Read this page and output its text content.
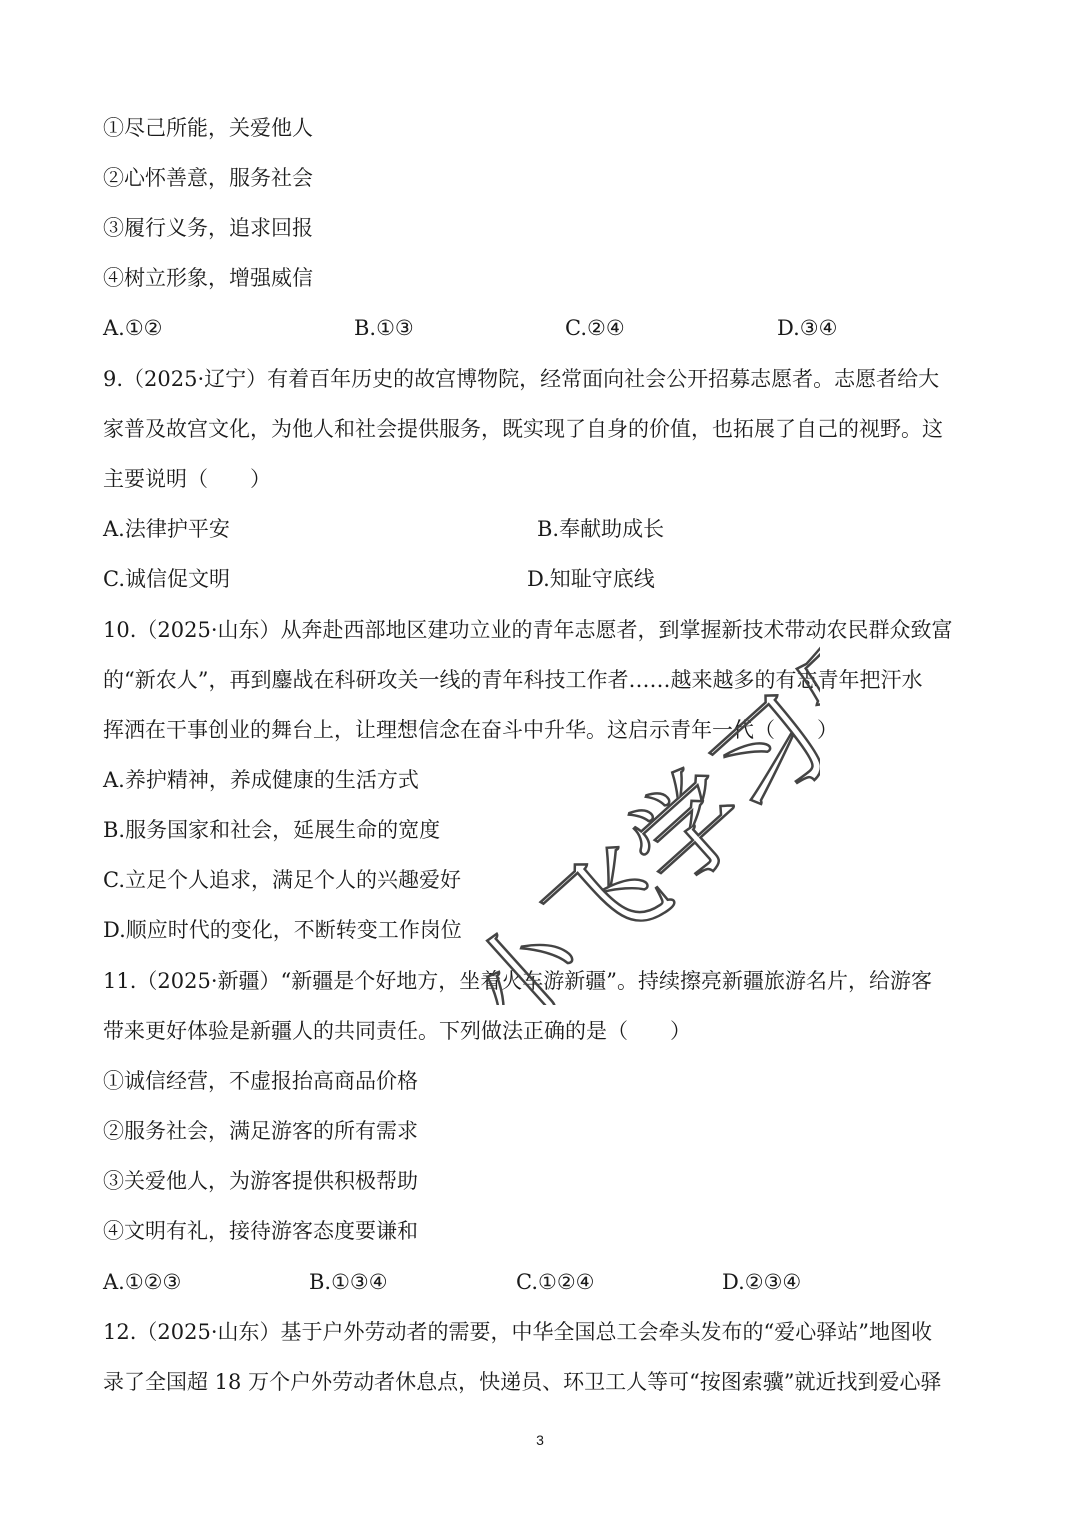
①尽己所能，关爱他人
②心怀善意，服务社会
③履行义务，追求回报
④树立形象，增强威信
A.①②	B.①③	C.②④	D.③④
9.（2025·辽宁）有着百年历史的故宫博物院，经常面向社会公开招募志愿者。志愿者给大
家普及故宫文化，为他人和社会提供服务，既实现了自身的价值，也拓展了自己的视野。这
主要说明（　　）
A.法律护平安	B.奉献助成长
C.诚信促文明	D.知耻守底线
10.（2025·山东）从奔赴西部地区建功立业的青年志愿者，到掌握新技术带动农民群众致富
的“新农人”，再到鏖战在科研攻关一线的青年科技工作者……越来越多的有志青年把汗水
挥洒在干事创业的舞台上，让理想信念在奋斗中升华。这启示青年一代（　　）
A.养护精神，养成健康的生活方式
B.服务国家和社会，延展生命的宽度
C.立足个人追求，满足个人的兴趣爱好
D.顺应时代的变化，不断转变工作岗位
11.（2025·新疆）“新疆是个好地方，坐着火车游新疆”。持续擦亮新疆旅游名片，给游客
带来更好体验是新疆人的共同责任。下列做法正确的是（　　）
①诚信经营，不虚报抬高商品价格
②服务社会，满足游客的所有需求
③关爱他人，为游客提供积极帮助
④文明有礼，接待游客态度要谦和
A.①②③	B.①③④	C.①②④	D.②③④
12.（2025·山东）基于户外劳动者的需要，中华全国总工会牵头发布的“爱心驿站”地图收
录了全国超 18 万个户外劳动者休息点，快递员、环卫工人等可“按图索骥”就近找到爱心驿
3
小飞学习乐园
